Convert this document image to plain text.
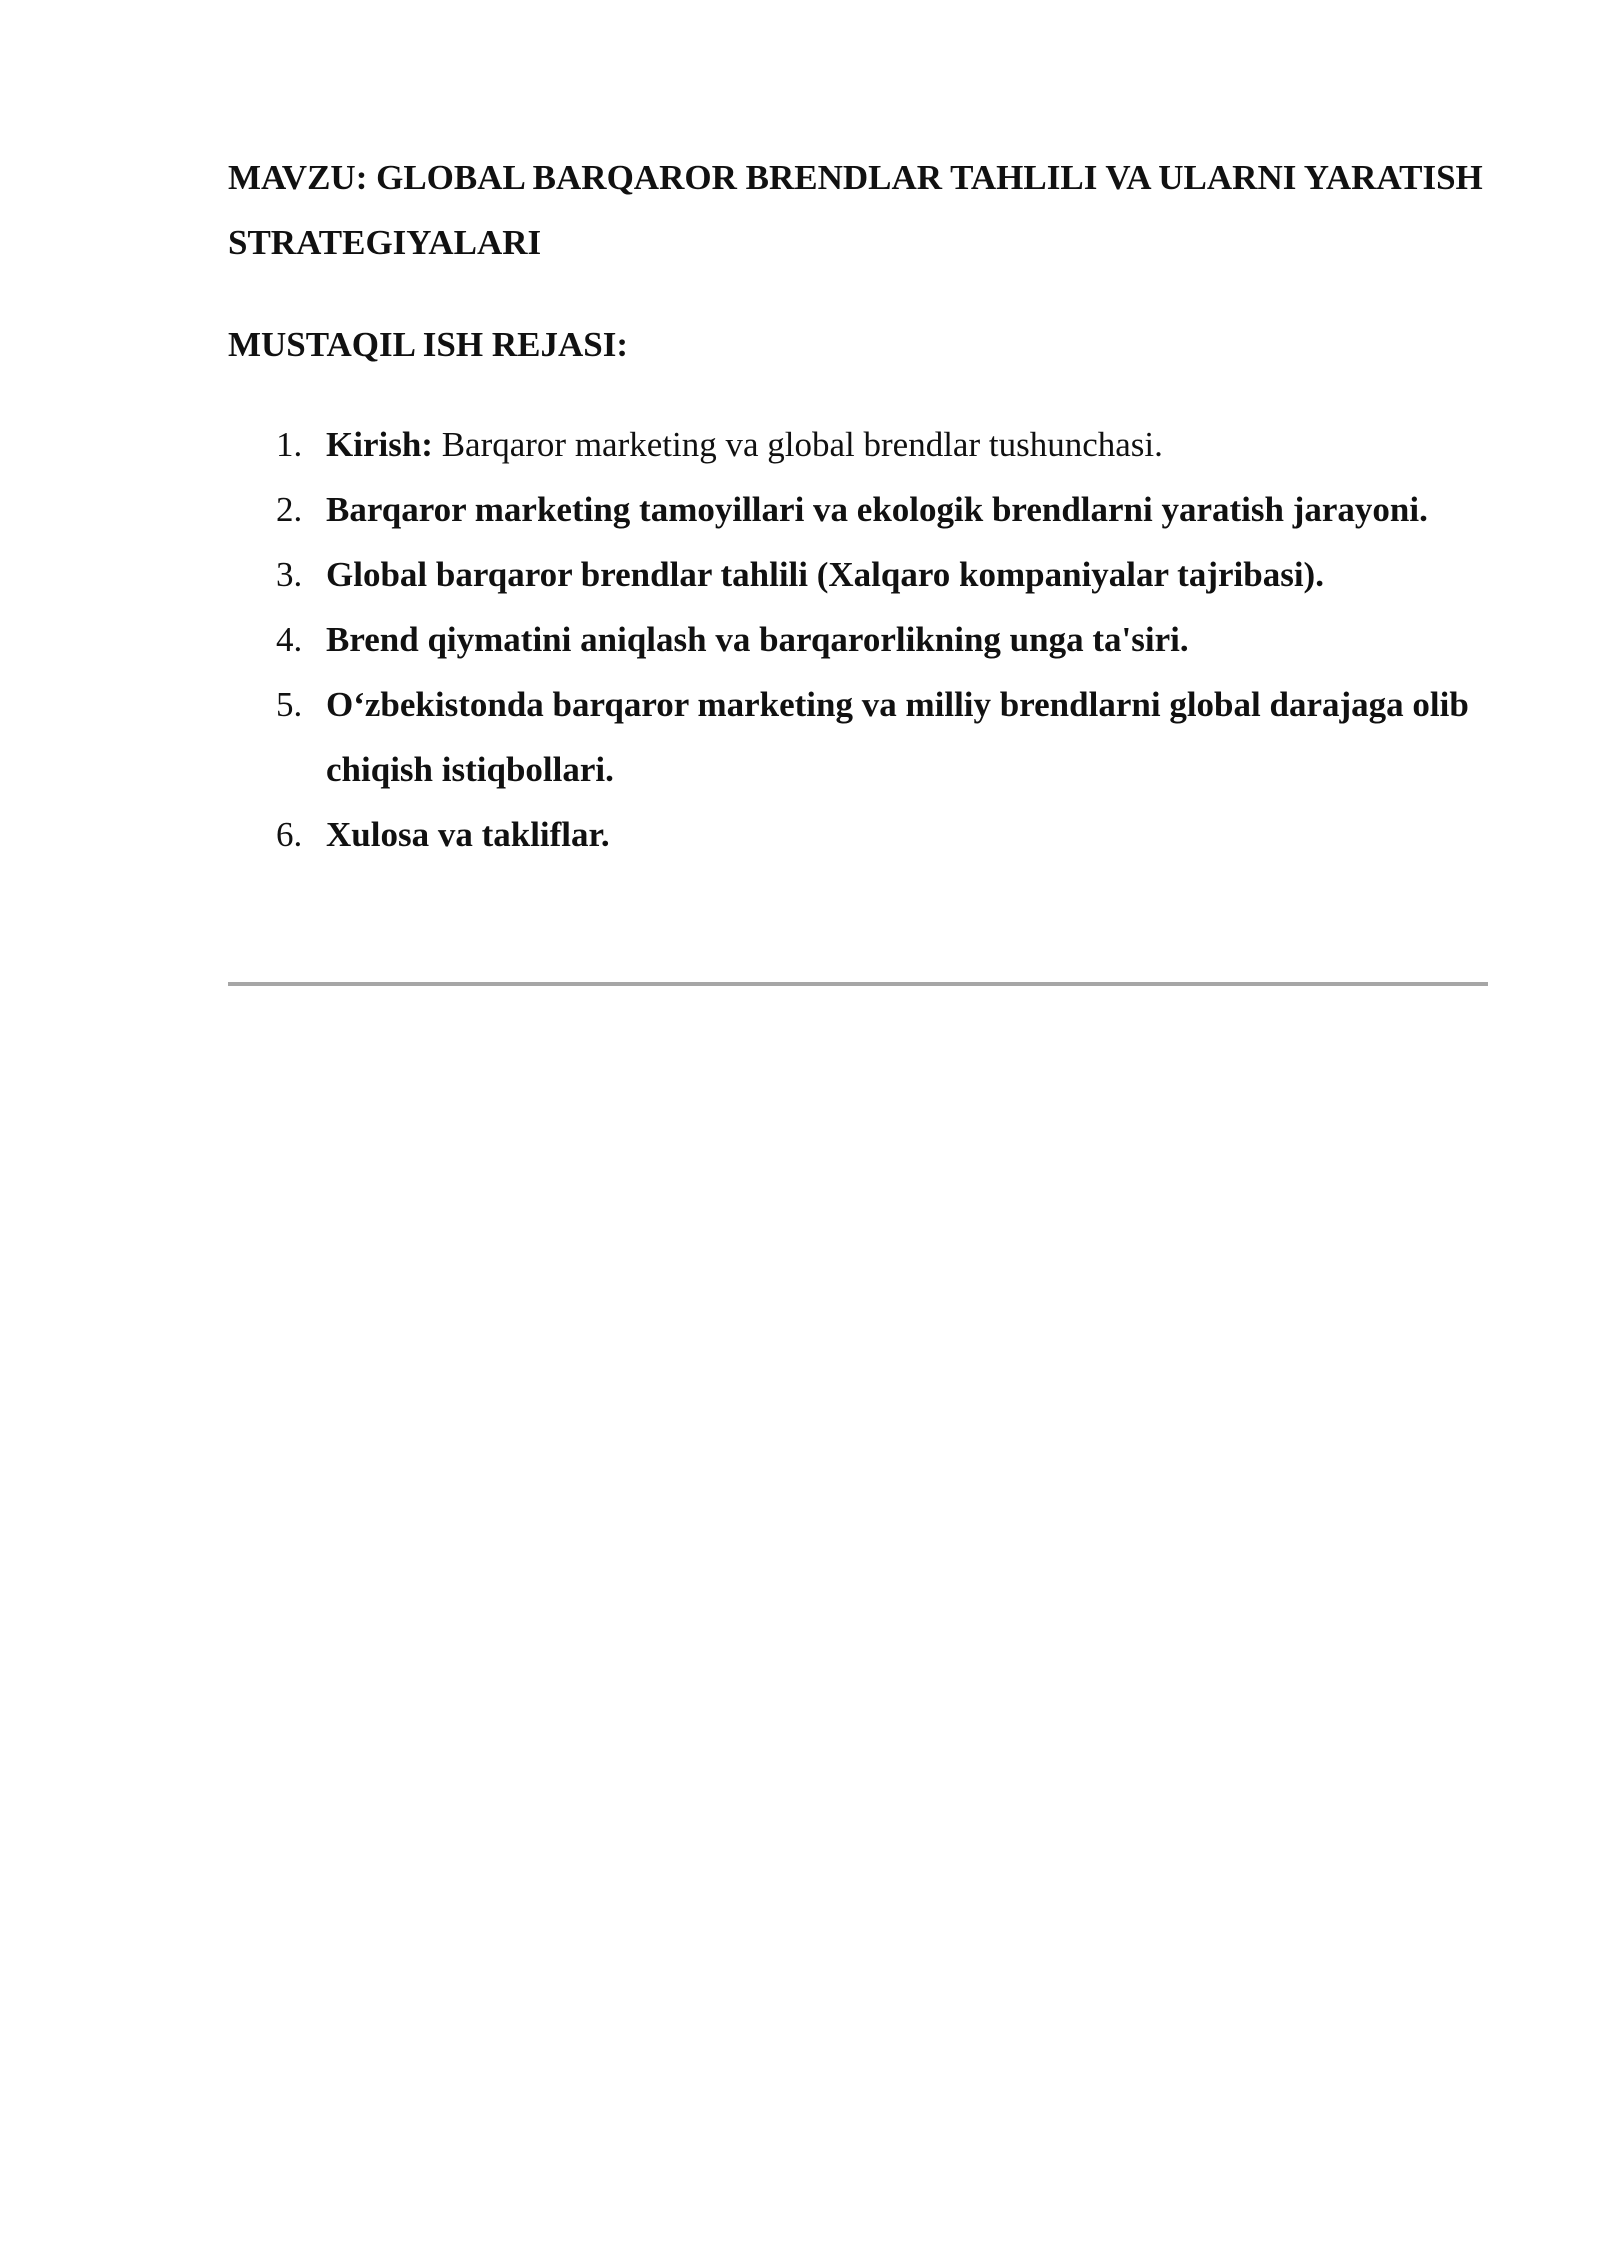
MAVZU: GLOBAL BARQAROR BRENDLAR TAHLILI VA ULARNI YARATISH STRATEGIYALARI
MUSTAQIL ISH REJASI:
1. Kirish: Barqaror marketing va global brendlar tushunchasi.
2. Barqaror marketing tamoyillari va ekologik brendlarni yaratish jarayoni.
3. Global barqaror brendlar tahlili (Xalqaro kompaniyalar tajribasi).
4. Brend qiymatini aniqlash va barqarorlikning unga ta'siri.
5. O‘zbekistonda barqaror marketing va milliy brendlarni global darajaga olib chiqish istiqbollari.
6. Xulosa va takliflar.
